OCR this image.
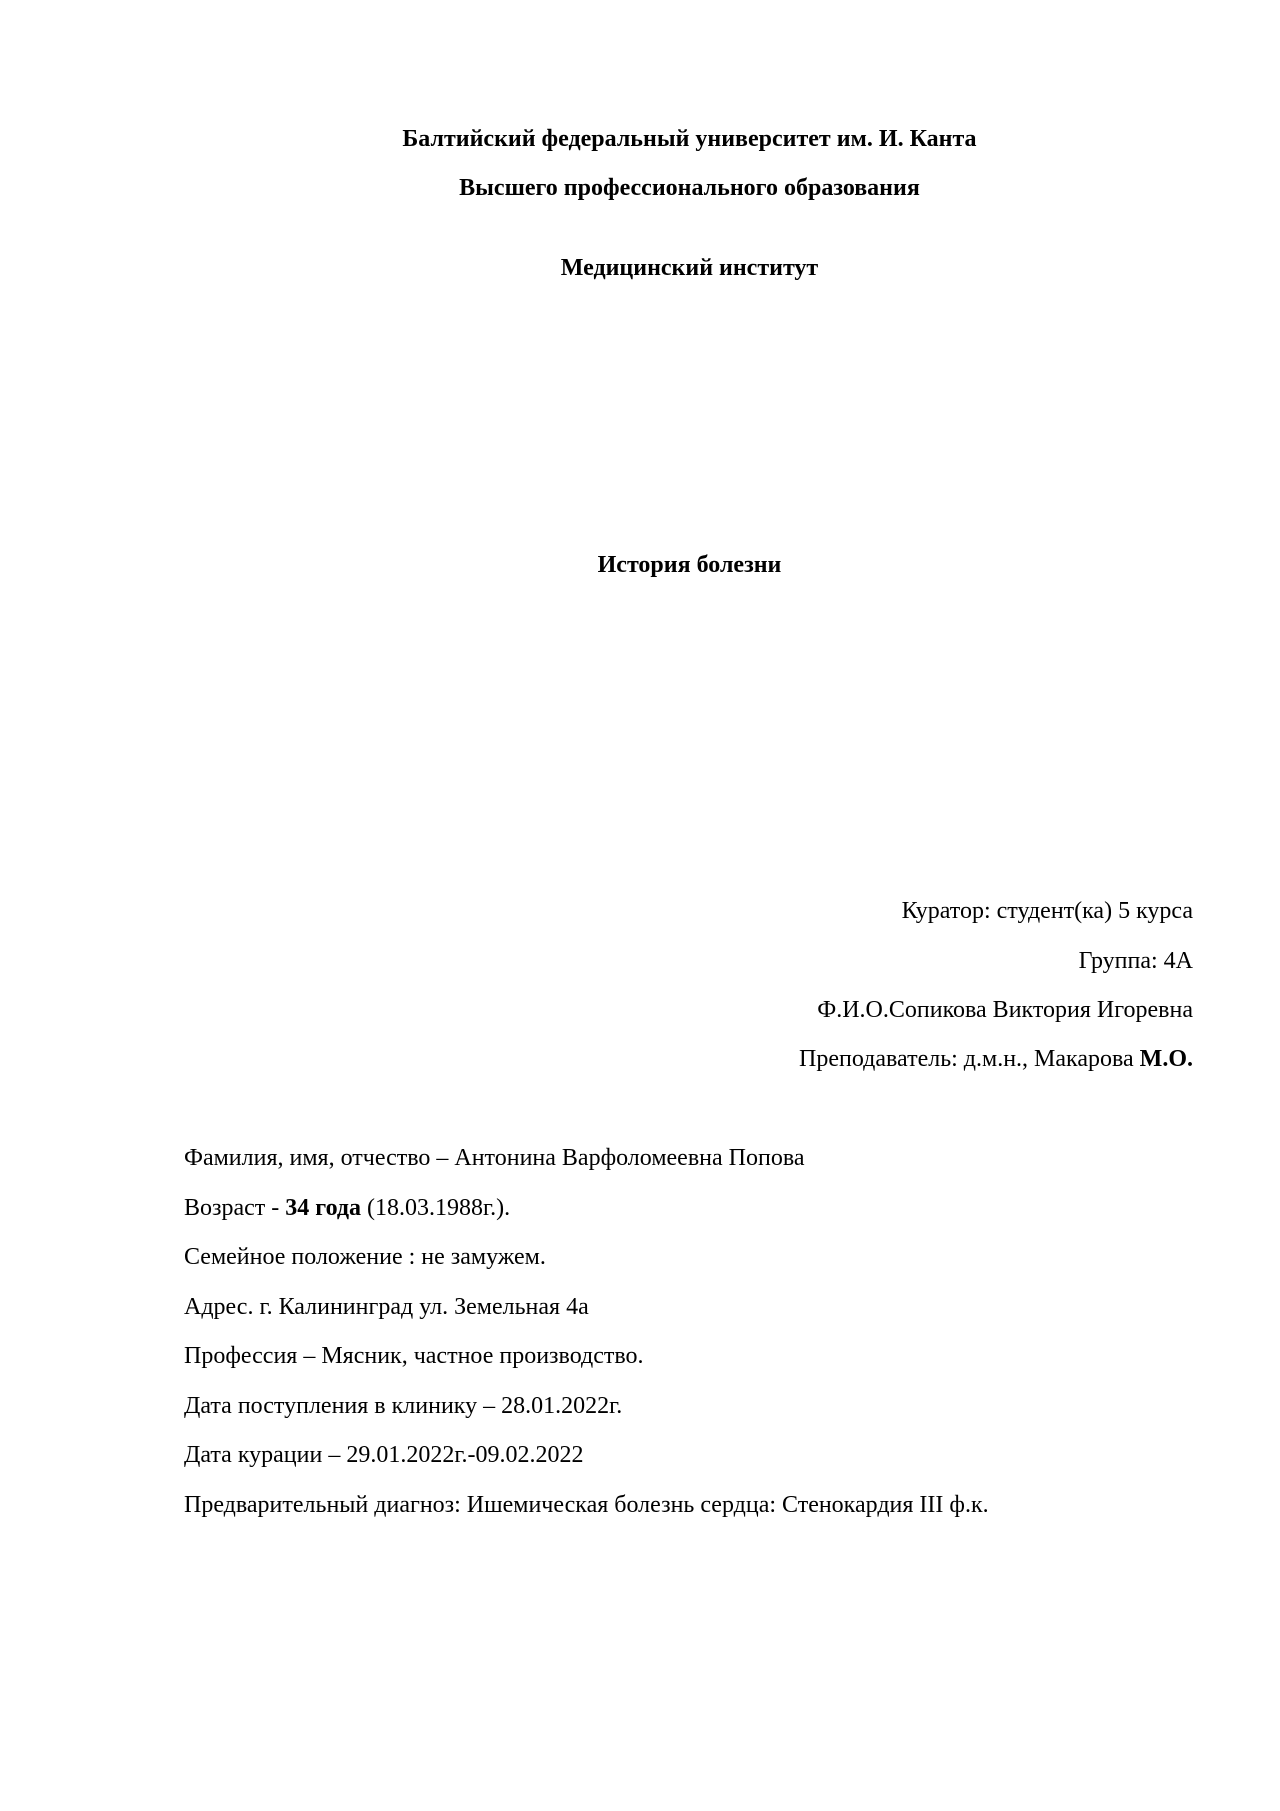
Балтийский федеральный университет им. И. Канта
Высшего профессионального образования
Медицинский институт
История болезни
Куратор: студент(ка) 5 курса
Группа: 4А
Ф.И.О.Сопикова Виктория Игоревна
Преподаватель: д.м.н., Макарова М.О.
Фамилия, имя, отчество – Антонина Варфоломеевна Попова
Возраст - 34 года (18.03.1988г.).
Семейное положение : не замужем.
Адрес. г. Калининград ул. Земельная 4а
Профессия – Мясник, частное производство.
Дата поступления в клинику – 28.01.2022г.
Дата курации – 29.01.2022г.-09.02.2022
Предварительный диагноз: Ишемическая болезнь сердца: Стенокардия III ф.к.
